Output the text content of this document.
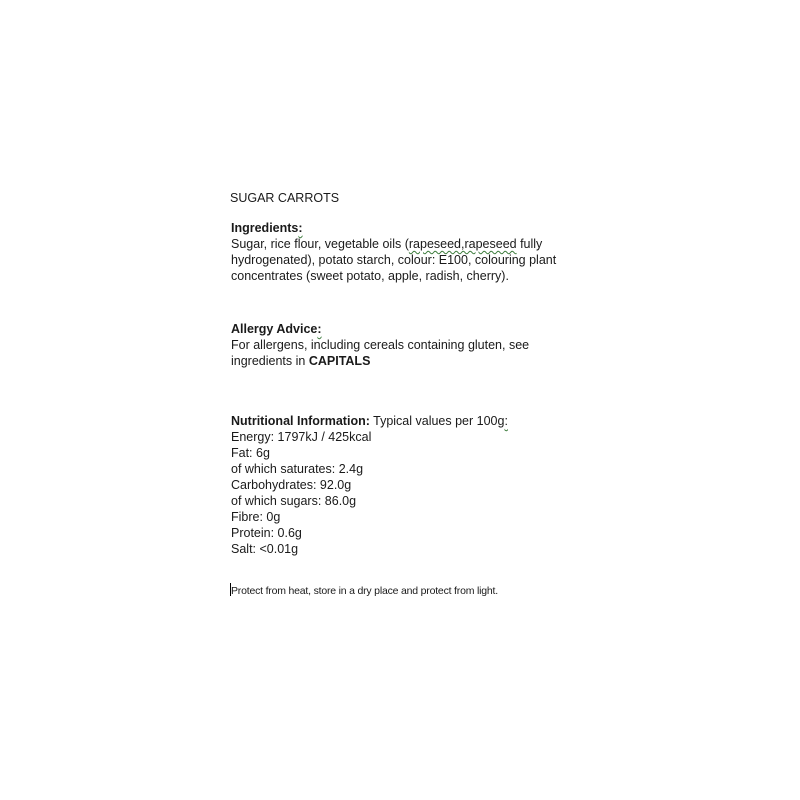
SUGAR CARROTS
Ingredients:
Sugar, rice flour, vegetable oils (rapeseed,rapeseed fully
hydrogenated), potato starch, colour: E100, colouring plant
concentrates (sweet potato, apple, radish, cherry).
Allergy Advice:
For allergens, including cereals containing gluten, see
ingredients in CAPITALS
Nutritional Information: Typical values per 100g:
Energy: 1797kJ / 425kcal
Fat: 6g
of which saturates: 2.4g
Carbohydrates: 92.0g
of which sugars: 86.0g
Fibre: 0g
Protein: 0.6g
Salt: <0.01g
Protect from heat, store in a dry place and protect from light.
